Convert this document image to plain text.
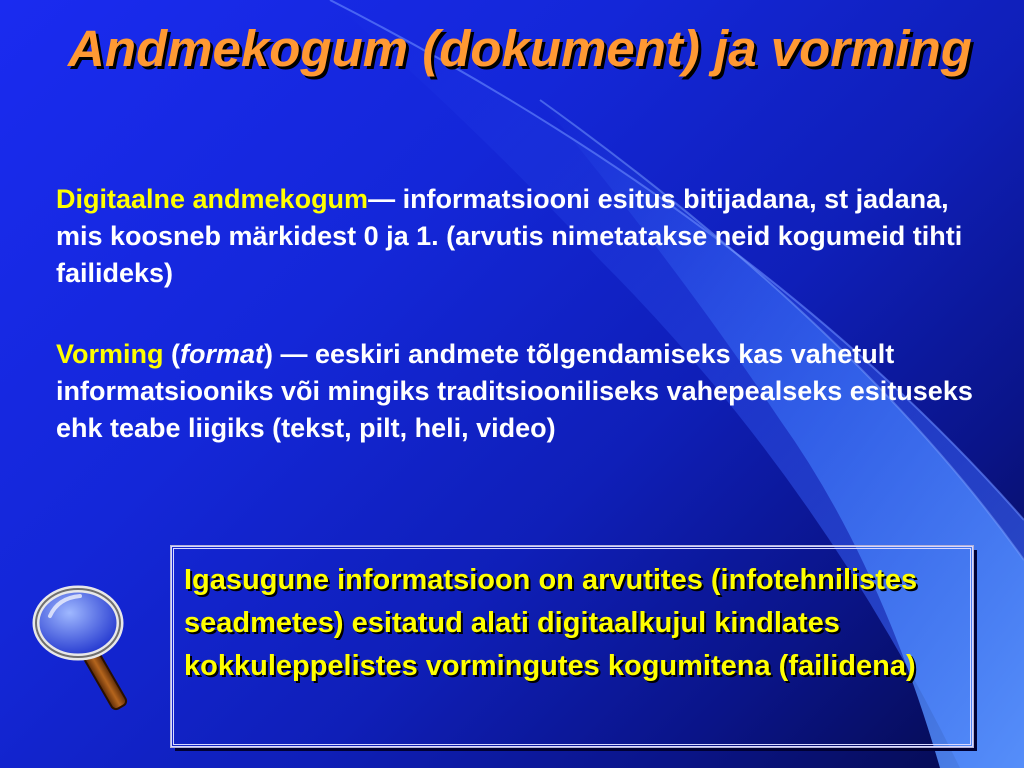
Andmekogum (dokument) ja vorming
Digitaalne andmekogum— informatsiooni esitus bitijadana, st jadana, mis koosneb märkidest 0 ja 1. (arvutis nimetatakse neid kogumeid tihti failideks)
Vorming (format) — eeskiri andmete tõlgendamiseks kas vahetult informatsiooniks või mingiks traditsiooniliseks vahepealseks esituseks ehk teabe liigiks (tekst, pilt, heli, video)
Igasugune informatsioon on arvutites (infotehnilistes seadmetes) esitatud alati digitaalkujul kindlates kokkuleppelistes vormingutes kogumitena (failidena)
